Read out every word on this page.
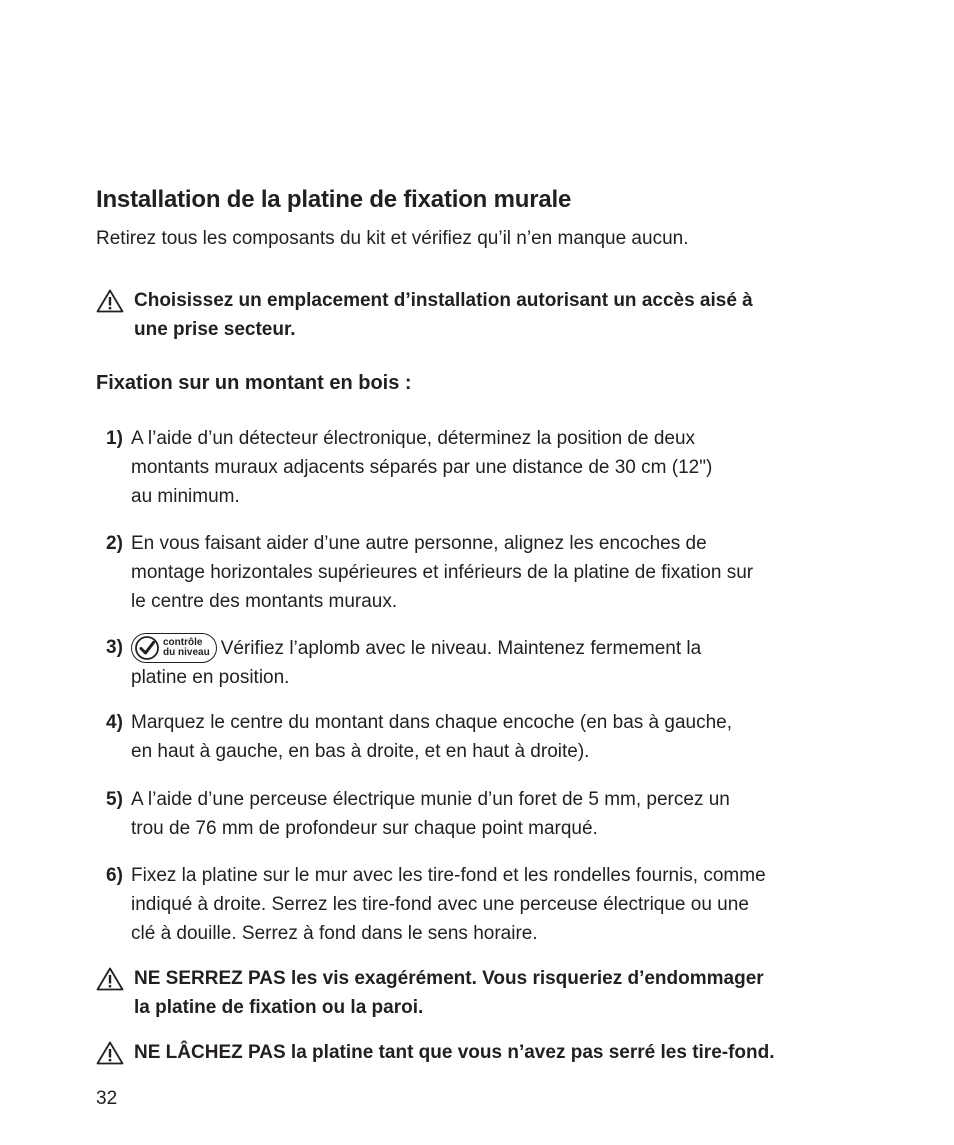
Installation de la platine de fixation murale
Retirez tous les composants du kit et vérifiez qu’il n’en manque aucun.
Choisissez un emplacement d’installation autorisant un accès aisé à
une prise secteur.
Fixation sur un montant en bois :
1) A l’aide d’un détecteur électronique, déterminez la position de deux
montants muraux adjacents séparés par une distance de 30 cm (12")
au minimum.
2) En vous faisant aider d’une autre personne, alignez les encoches de
montage horizontales supérieures et inférieurs de la platine de fixation sur
le centre des montants muraux.
3)	contrôle
du niveau Vérifiez l’aplomb avec le niveau. Maintenez fermement la
platine en position.
4) Marquez le centre du montant dans chaque encoche (en bas à gauche,
en haut à gauche, en bas à droite, et en haut à droite).
5) A l’aide d’une perceuse électrique munie d’un foret de 5 mm, percez un
trou de 76 mm de profondeur sur chaque point marqué.
6) Fixez la platine sur le mur avec les tire-fond et les rondelles fournis, comme
indiqué à droite. Serrez les tire-fond avec une perceuse électrique ou une
clé à douille. Serrez à fond dans le sens horaire.
NE SERREZ PAS les vis exagérément. Vous risqueriez d’endommager
la platine de fixation ou la paroi.
NE LÂCHEZ PAS la platine tant que vous n’avez pas serré les tire-fond.
32
